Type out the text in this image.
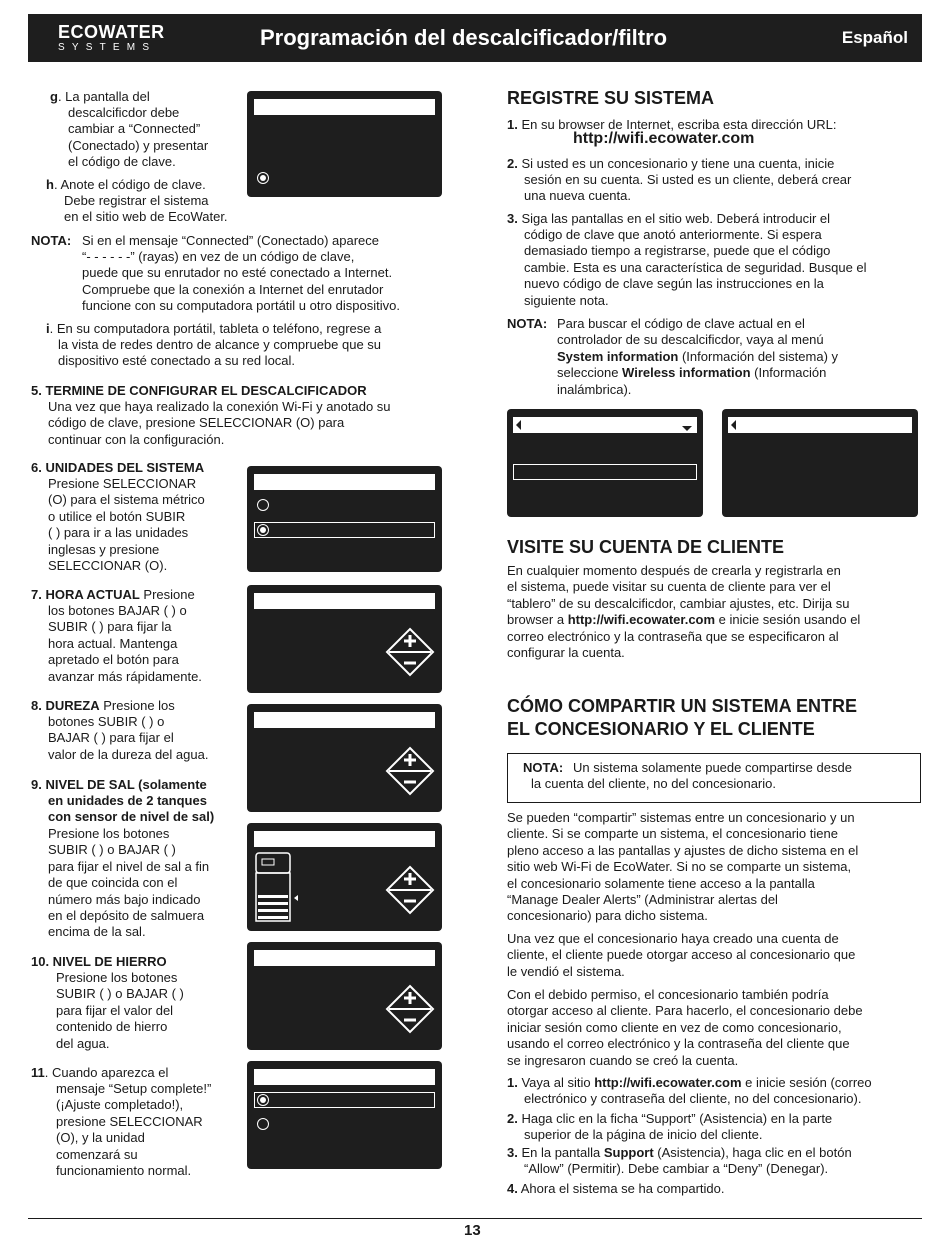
ECOWATER
SYSTEMS	Programación del descalcificador/filtro	Español
g. La pantalla del
descalcificdor debe
cambiar a “Connected”
(Conectado) y presentar
el código de clave.
h. Anote el código de clave.
Debe registrar el sistema
en el sitio web de EcoWater.
NOTA: Si en el mensaje “Connected” (Conectado) aparece
“- - - - - -” (rayas) en vez de un código de clave,
puede que su enrutador no esté conectado a Internet.
Compruebe que la conexión a Internet del enrutador
funcione con su computadora portátil u otro dispositivo.
i. En su computadora portátil, tableta o teléfono, regrese a
la vista de redes dentro de alcance y compruebe que su
dispositivo esté conectado a su red local.
5. TERMINE DE CONFIGURAR EL DESCALCIFICADOR
Una vez que haya realizado la conexión Wi-Fi y anotado su
código de clave, presione SELECCIONAR (O) para
continuar con la configuración.
6. UNIDADES DEL SISTEMA
Presione SELECCIONAR
(O) para el sistema métrico
o utilice el botón SUBIR
( ) para ir a las unidades
inglesas y presione
SELECCIONAR (O).
7. HORA ACTUAL Presione
los botones BAJAR ( ) o
SUBIR ( ) para fijar la
hora actual. Mantenga
apretado el botón para
avanzar más rápidamente.
8. DUREZA Presione los
botones SUBIR ( ) o
BAJAR ( ) para fijar el
valor de la dureza del agua.
9. NIVEL DE SAL (solamente
en unidades de 2 tanques
con sensor de nivel de sal)
Presione los botones
SUBIR ( ) o BAJAR ( )
para fijar el nivel de sal a fin
de que coincida con el
número más bajo indicado
en el depósito de salmuera
encima de la sal.
10. NIVEL DE HIERRO
Presione los botones
SUBIR ( ) o BAJAR ( )
para fijar el valor del
contenido de hierro
del agua.
11. Cuando aparezca el
mensaje “Setup complete!”
(¡Ajuste completado!),
presione SELECCIONAR
(O), y la unidad
comenzará su
funcionamiento normal.
REGISTRE SU SISTEMA
1. En su browser de Internet, escriba esta dirección URL:
http://wifi.ecowater.com
2. Si usted es un concesionario y tiene una cuenta, inicie
sesión en su cuenta. Si usted es un cliente, deberá crear
una nueva cuenta.
3. Siga las pantallas en el sitio web. Deberá introducir el
código de clave que anotó anteriormente. Si espera
demasiado tiempo a registrarse, puede que el código
cambie. Esta es una característica de seguridad. Busque el
nuevo código de clave según las instrucciones en la
siguiente nota.
NOTA: Para buscar el código de clave actual en el
controlador de su descalcificdor, vaya al menú
System information (Información del sistema) y
seleccione Wireless information (Información
inalámbrica).
VISITE SU CUENTA DE CLIENTE
En cualquier momento después de crearla y registrarla en
el sistema, puede visitar su cuenta de cliente para ver el
“tablero” de su descalcificdor, cambiar ajustes, etc. Dirija su
browser a http://wifi.ecowater.com e inicie sesión usando el
correo electrónico y la contraseña que se especificaron al
configurar la cuenta.
CÓMO COMPARTIR UN SISTEMA ENTRE
EL CONCESIONARIO Y EL CLIENTE
NOTA: Un sistema solamente puede compartirse desde
la cuenta del cliente, no del concesionario.
Se pueden “compartir” sistemas entre un concesionario y un
cliente. Si se comparte un sistema, el concesionario tiene
pleno acceso a las pantallas y ajustes de dicho sistema en el
sitio web Wi-Fi de EcoWater. Si no se comparte un sistema,
el concesionario solamente tiene acceso a la pantalla
“Manage Dealer Alerts” (Administrar alertas del
concesionario) para dicho sistema.
Una vez que el concesionario haya creado una cuenta de
cliente, el cliente puede otorgar acceso al concesionario que
le vendió el sistema.
Con el debido permiso, el concesionario también podría
otorgar acceso al cliente. Para hacerlo, el concesionario debe
iniciar sesión como cliente en vez de como concesionario,
usando el correo electrónico y la contraseña del cliente que
se ingresaron cuando se creó la cuenta.
1. Vaya al sitio http://wifi.ecowater.com e inicie sesión (correo
electrónico y contraseña del cliente, no del concesionario).
2. Haga clic en la ficha “Support” (Asistencia) en la parte
superior de la página de inicio del cliente.
3. En la pantalla Support (Asistencia), haga clic en el botón
“Allow” (Permitir). Debe cambiar a “Deny” (Denegar).
4. Ahora el sistema se ha compartido.
13
